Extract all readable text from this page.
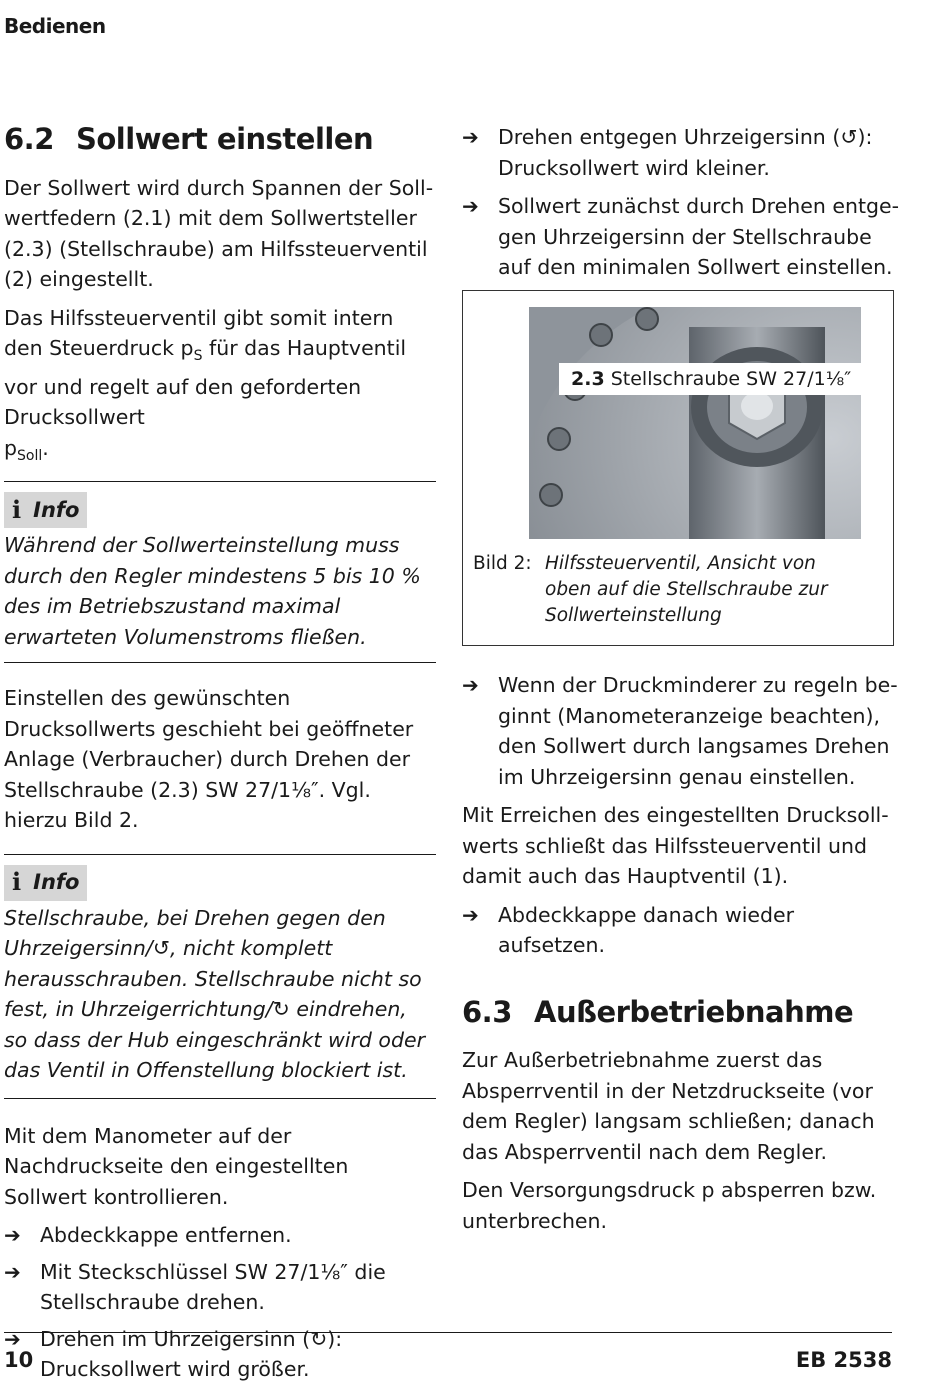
Bedienen
6.2 Sollwert einstellen

Der Sollwert wird durch Spannen der Sollwertfedern (2.1) mit dem Sollwertsteller (2.3) (Stellschraube) am Hilfssteuerventil (2) eingestellt.

Das Hilfssteuerventil gibt somit intern den Steuerdruck $p_S$ für das Hauptventil vor und regelt auf den geforderten Drucksollwert
$p_{Soll}$.

i Info

Während der Sollwerteinstellung muss durch den Regler mindestens 5 bis 10 % des im Betriebszustand maximal erwarteten Volumenstroms fließen.

Einstellen des gewünschten Drucksollwerts geschieht bei geöffneter Anlage (Verbraucher) durch Drehen der Stellschraube (2.3) SW 27/1⅛″. Vgl. hierzu Bild 2.

i Info

Stellschraube, bei Drehen gegen den Uhrzeigersinn/↺, nicht komplett herausschrauben. Stellschraube nicht so fest, in Uhrzeigerrichtung/↻ eindrehen, so dass der Hub eingeschränkt wird oder das Ventil in Offenstellung blockiert ist.

Mit dem Manometer auf der Nachdruckseite den eingestellten Sollwert kontrollieren.

➔ Abdeckkappe entfernen.
➔ Mit Steckschlüssel SW 27/1⅛″ die Stellschraube drehen.
➔ Drehen im Uhrzeigersinn (↻): Drucksollwert wird größer.
➔ Drehen entgegen Uhrzeigersinn (↺): Drucksollwert wird kleiner.
➔ Sollwert zunächst durch Drehen entgegen Uhrzeigersinn der Stellschraube auf den minimalen Sollwert einstellen.
2.3 Stellschraube SW 27/1⅛″
Bild 2: Hilfssteuerventil, Ansicht von oben auf die Stellschraube zur Sollwerteinstellung
➔ Wenn der Druckminderer zu regeln beginnt (Manometeranzeige beachten), den Sollwert durch langsames Drehen im Uhrzeigersinn genau einstellen.

Mit Erreichen des eingestellten Drucksollwerts schließt das Hilfssteuerventil und damit auch das Hauptventil (1).

➔ Abdeckkappe danach wieder aufsetzen.
6.3 Außerbetriebnahme

Zur Außerbetriebnahme zuerst das Absperrventil in der Netzdruckseite (vor dem Regler) langsam schließen; danach das Absperrventil nach dem Regler.

Den Versorgungsdruck p absperren bzw. unterbrechen.

10	EB 2538
